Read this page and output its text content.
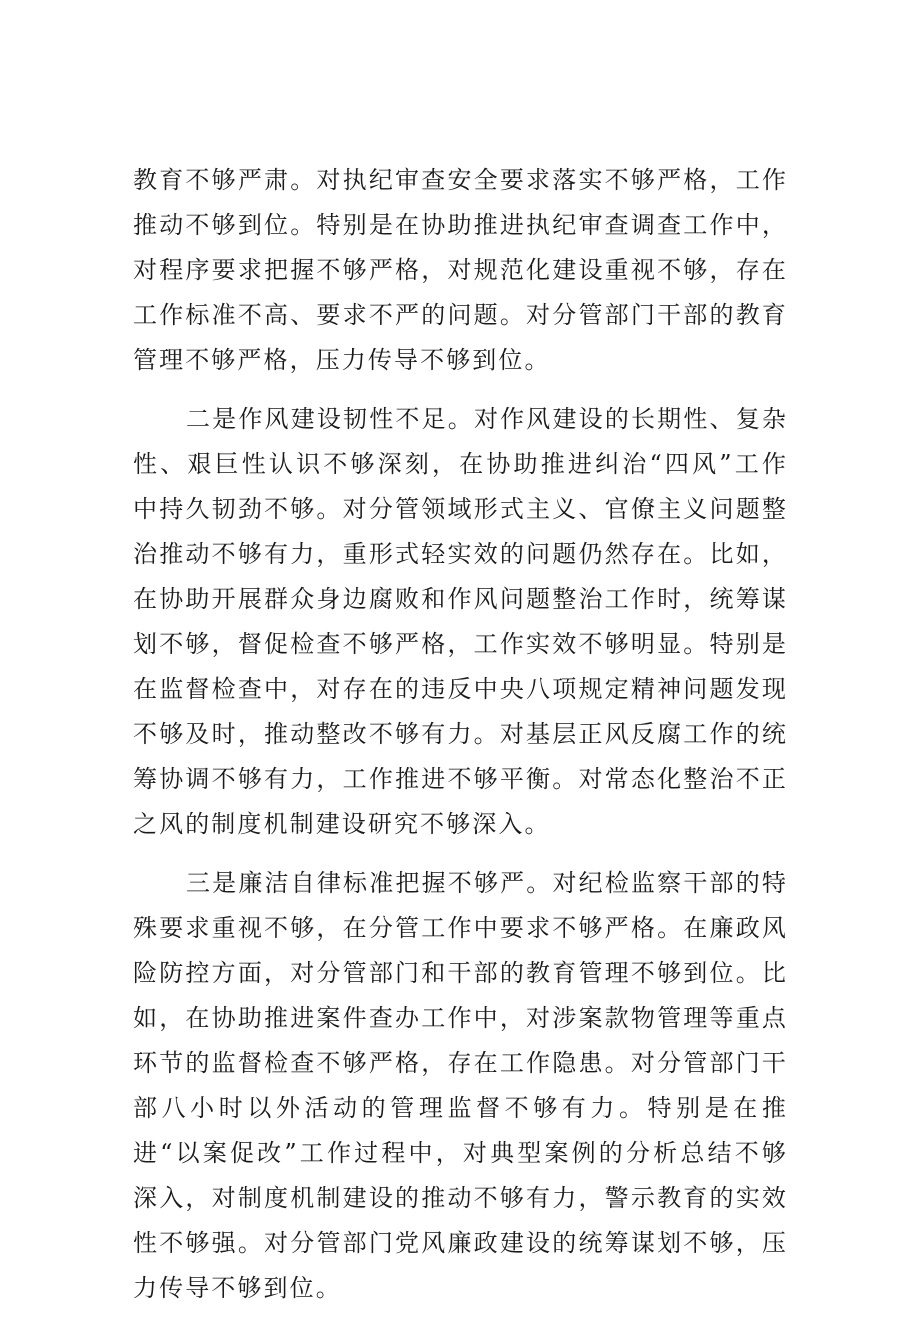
教育不够严肃。对执纪审查安全要求落实不够严格，工作推动不够到位。特别是在协助推进执纪审查调查工作中，对程序要求把握不够严格，对规范化建设重视不够，存在工作标准不高、要求不严的问题。对分管部门干部的教育管理不够严格，压力传导不够到位。

二是作风建设韧性不足。对作风建设的长期性、复杂性、艰巨性认识不够深刻，在协助推进纠治“四风”工作中持久韧劲不够。对分管领域形式主义、官僚主义问题整治推动不够有力，重形式轻实效的问题仍然存在。比如，在协助开展群众身边腐败和作风问题整治工作时，统筹谋划不够，督促检查不够严格，工作实效不够明显。特别是在监督检查中，对存在的违反中央八项规定精神问题发现不够及时，推动整改不够有力。对基层正风反腐工作的统筹协调不够有力，工作推进不够平衡。对常态化整治不正之风的制度机制建设研究不够深入。

三是廉洁自律标准把握不够严。对纪检监察干部的特殊要求重视不够，在分管工作中要求不够严格。在廉政风险防控方面，对分管部门和干部的教育管理不够到位。比如，在协助推进案件查办工作中，对涉案款物管理等重点环节的监督检查不够严格，存在工作隐患。对分管部门干部八小时以外活动的管理监督不够有力。特别是在推进“以案促改”工作过程中，对典型案例的分析总结不够深入，对制度机制建设的推动不够有力，警示教育的实效性不够强。对分管部门党风廉政建设的统筹谋划不够，压力传导不够到位。
